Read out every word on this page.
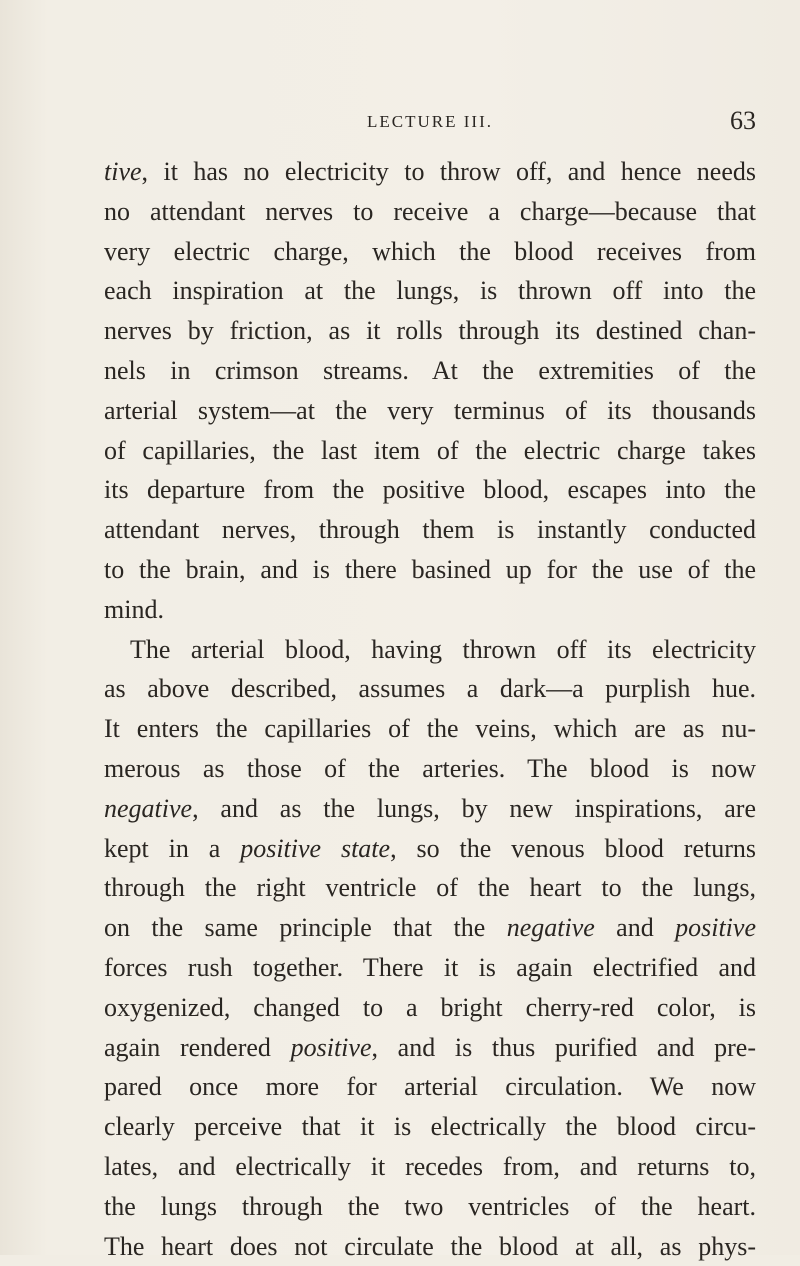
LECTURE III.	63
tive, it has no electricity to throw off, and hence needs
no attendant nerves to receive a charge—because that
very electric charge, which the blood receives from
each inspiration at the lungs, is thrown off into the
nerves by friction, as it rolls through its destined chan-
nels in crimson streams. At the extremities of the
arterial system—at the very terminus of its thousands
of capillaries, the last item of the electric charge takes
its departure from the positive blood, escapes into the
attendant nerves, through them is instantly conducted
to the brain, and is there basined up for the use of the
mind.
The arterial blood, having thrown off its electricity
as above described, assumes a dark—a purplish hue.
It enters the capillaries of the veins, which are as nu-
merous as those of the arteries. The blood is now
negative, and as the lungs, by new inspirations, are
kept in a positive state, so the venous blood returns
through the right ventricle of the heart to the lungs,
on the same principle that the negative and positive
forces rush together. There it is again electrified and
oxygenized, changed to a bright cherry-red color, is
again rendered positive, and is thus purified and pre-
pared once more for arterial circulation. We now
clearly perceive that it is electrically the blood circu-
lates, and electrically it recedes from, and returns to,
the lungs through the two ventricles of the heart.
The heart does not circulate the blood at all, as phys-
